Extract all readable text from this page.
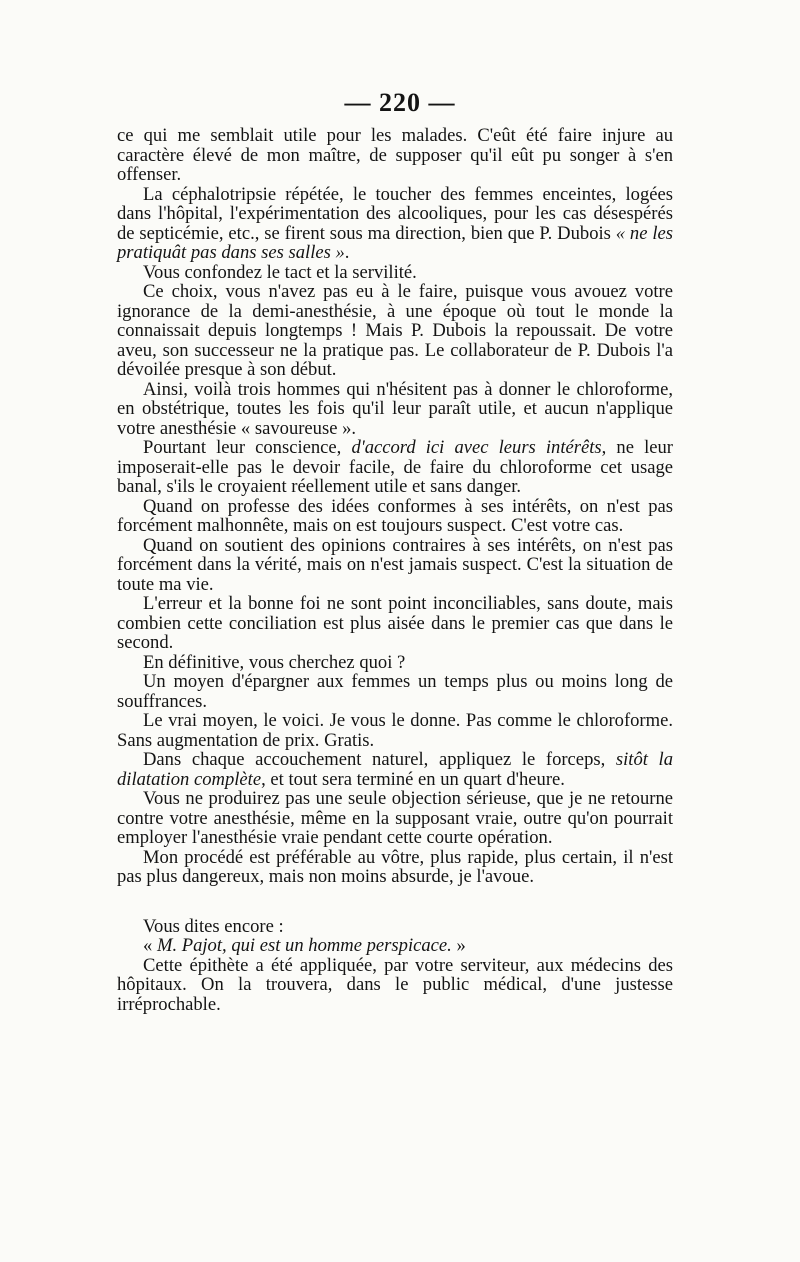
— 220 —

ce qui me semblait utile pour les malades. C'eût été faire injure au caractère élevé de mon maître, de supposer qu'il eût pu songer à s'en offenser.

La céphalotripsie répétée, le toucher des femmes enceintes, logées dans l'hôpital, l'expérimentation des alcooliques, pour les cas désespérés de septicémie, etc., se firent sous ma direction, bien que P. Dubois « ne les pratiquât pas dans ses salles ».

Vous confondez le tact et la servilité.

Ce choix, vous n'avez pas eu à le faire, puisque vous avouez votre ignorance de la demi-anesthésie, à une époque où tout le monde la connaissait depuis longtemps ! Mais P. Dubois la repoussait. De votre aveu, son successeur ne la pratique pas. Le collaborateur de P. Dubois l'a dévoilée presque à son début.

Ainsi, voilà trois hommes qui n'hésitent pas à donner le chloroforme, en obstétrique, toutes les fois qu'il leur paraît utile, et aucun n'applique votre anesthésie « savoureuse ».

Pourtant leur conscience, d'accord ici avec leurs intérêts, ne leur imposerait-elle pas le devoir facile, de faire du chloroforme cet usage banal, s'ils le croyaient réellement utile et sans danger.

Quand on professe des idées conformes à ses intérêts, on n'est pas forcément malhonnête, mais on est toujours suspect. C'est votre cas.

Quand on soutient des opinions contraires à ses intérêts, on n'est pas forcément dans la vérité, mais on n'est jamais suspect. C'est la situation de toute ma vie.

L'erreur et la bonne foi ne sont point inconciliables, sans doute, mais combien cette conciliation est plus aisée dans le premier cas que dans le second.

En définitive, vous cherchez quoi ?

Un moyen d'épargner aux femmes un temps plus ou moins long de souffrances.

Le vrai moyen, le voici. Je vous le donne. Pas comme le chloroforme. Sans augmentation de prix. Gratis.

Dans chaque accouchement naturel, appliquez le forceps, sitôt la dilatation complète, et tout sera terminé en un quart d'heure.

Vous ne produirez pas une seule objection sérieuse, que je ne retourne contre votre anesthésie, même en la supposant vraie, outre qu'on pourrait employer l'anesthésie vraie pendant cette courte opération.

Mon procédé est préférable au vôtre, plus rapide, plus certain, il n'est pas plus dangereux, mais non moins absurde, je l'avoue.

Vous dites encore :

« M. Pajot, qui est un homme perspicace. »

Cette épithète a été appliquée, par votre serviteur, aux médecins des hôpitaux. On la trouvera, dans le public médical, d'une justesse irréprochable.
